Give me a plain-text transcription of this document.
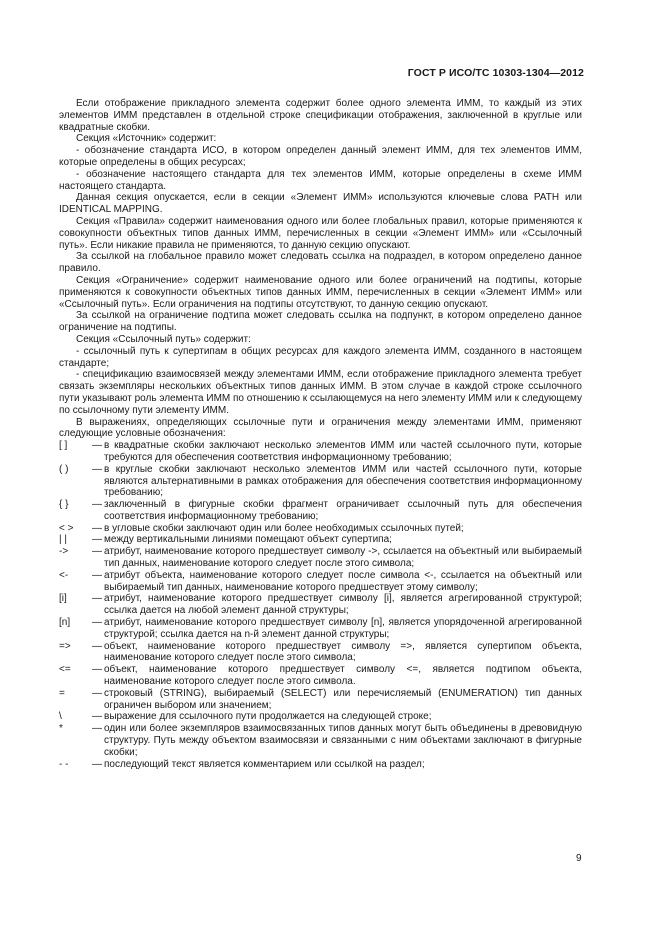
ГОСТ Р ИСО/ТС 10303-1304—2012

Если отображение прикладного элемента содержит более одного элемента ИММ, то каждый из этих элементов ИММ представлен в отдельной строке спецификации отображения, заключенной в круглые или квадратные скобки.

Секция «Источник» содержит:

- обозначение стандарта ИСО, в котором определен данный элемент ИММ, для тех элементов ИММ, которые определены в общих ресурсах;

- обозначение настоящего стандарта для тех элементов ИММ, которые определены в схеме ИММ настоящего стандарта.

Данная секция опускается, если в секции «Элемент ИММ» используются ключевые слова PATH или IDENTICAL MAPPING.

Секция «Правила» содержит наименования одного или более глобальных правил, которые применяются к совокупности объектных типов данных ИММ, перечисленных в секции «Элемент ИММ» или «Ссылочный путь». Если никакие правила не применяются, то данную секцию опускают.

За ссылкой на глобальное правило может следовать ссылка на подраздел, в котором определено данное правило.

Секция «Ограничение» содержит наименование одного или более ограничений на подтипы, которые применяются к совокупности объектных типов данных ИММ, перечисленных в секции «Элемент ИММ» или «Ссылочный путь». Если ограничения на подтипы отсутствуют, то данную секцию опускают.

За ссылкой на ограничение подтипа может следовать ссылка на подпункт, в котором определено данное ограничение на подтипы.

Секция «Ссылочный путь» содержит:

- ссылочный путь к супертипам в общих ресурсах для каждого элемента ИММ, созданного в настоящем стандарте;

- спецификацию взаимосвязей между элементами ИММ, если отображение прикладного элемента требует связать экземпляры нескольких объектных типов данных ИММ. В этом случае в каждой строке ссылочного пути указывают роль элемента ИММ по отношению к ссылающемуся на него элементу ИММ или к следующему по ссылочному пути элементу ИММ.

В выражениях, определяющих ссылочные пути и ограничения между элементами ИММ, применяют следующие условные обозначения:

[ ]	— в квадратные скобки заключают несколько элементов ИММ или частей ссылочного пути, которые требуются для обеспечения соответствия информационному требованию;
( )	— в круглые скобки заключают несколько элементов ИММ или частей ссылочного пути, которые являются альтернативными в рамках отображения для обеспечения соответствия информационному требованию;
{ }	— заключенный в фигурные скобки фрагмент ограничивает ссылочный путь для обеспечения соответствия информационному требованию;
< >	— в угловые скобки заключают один или более необходимых ссылочных путей;
| |	— между вертикальными линиями помещают объект супертипа;
->	— атрибут, наименование которого предшествует символу ->, ссылается на объектный или выбираемый тип данных, наименование которого следует после этого символа;
<-	— атрибут объекта, наименование которого следует после символа <-, ссылается на объектный или выбираемый тип данных, наименование которого предшествует этому символу;
[i]	— атрибут, наименование которого предшествует символу [i], является агрегированной структурой; ссылка дается на любой элемент данной структуры;
[n]	— атрибут, наименование которого предшествует символу [n], является упорядоченной агрегированной структурой; ссылка дается на n-й элемент данной структуры;
=>	— объект, наименование которого предшествует символу =>, является супертипом объекта, наименование которого следует после этого символа;
<=	— объект, наименование которого предшествует символу <=, является подтипом объекта, наименование которого следует после этого символа.
=	— строковый (STRING), выбираемый (SELECT) или перечисляемый (ENUMERATION) тип данных ограничен выбором или значением;
\	— выражение для ссылочного пути продолжается на следующей строке;
*	— один или более экземпляров взаимосвязанных типов данных могут быть объединены в древовидную структуру. Путь между объектом взаимосвязи и связанными с ним объектами заключают в фигурные скобки;
- -	— последующий текст является комментарием или ссылкой на раздел;
9
